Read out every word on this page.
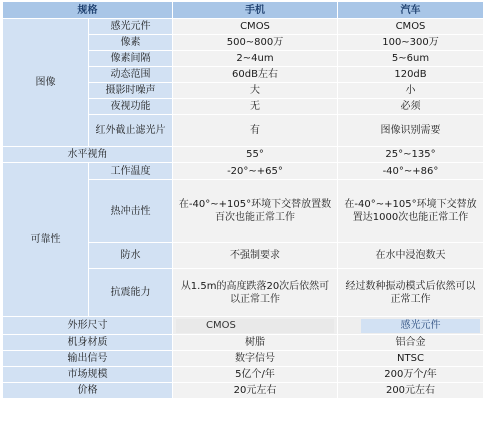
规格		手机	汽车
图像	感光元件	CMOS	CMOS
	像素	500~800万	100~300万
	像素间隔	2~4um	5~6um
	动态范围	60dB左右	120dB
	摄影时噪声	大	小
	夜视功能	无	必须
	红外截止滤光片	有	图像识别需要
水平视角		55°	25°~135°
可靠性	工作温度	-20°~+65°	-40°~+86°
	热冲击性	在-40°~+105°环境下交替放置数百次也能正常工作	在-40°~+105°环境下交替放置达1000次也能正常工作
	防水	不强制要求	在水中浸泡数天
	抗震能力	从1.5m的高度跌落20次后依然可以正常工作	经过数种振动模式后依然可以正常工作
外形尺寸		CMOS	感光元件

机身材质		树脂	铝合金
输出信号		数字信号	NTSC
市场规模		5亿个/年	200万个/年
价格		20元左右	200元左右
